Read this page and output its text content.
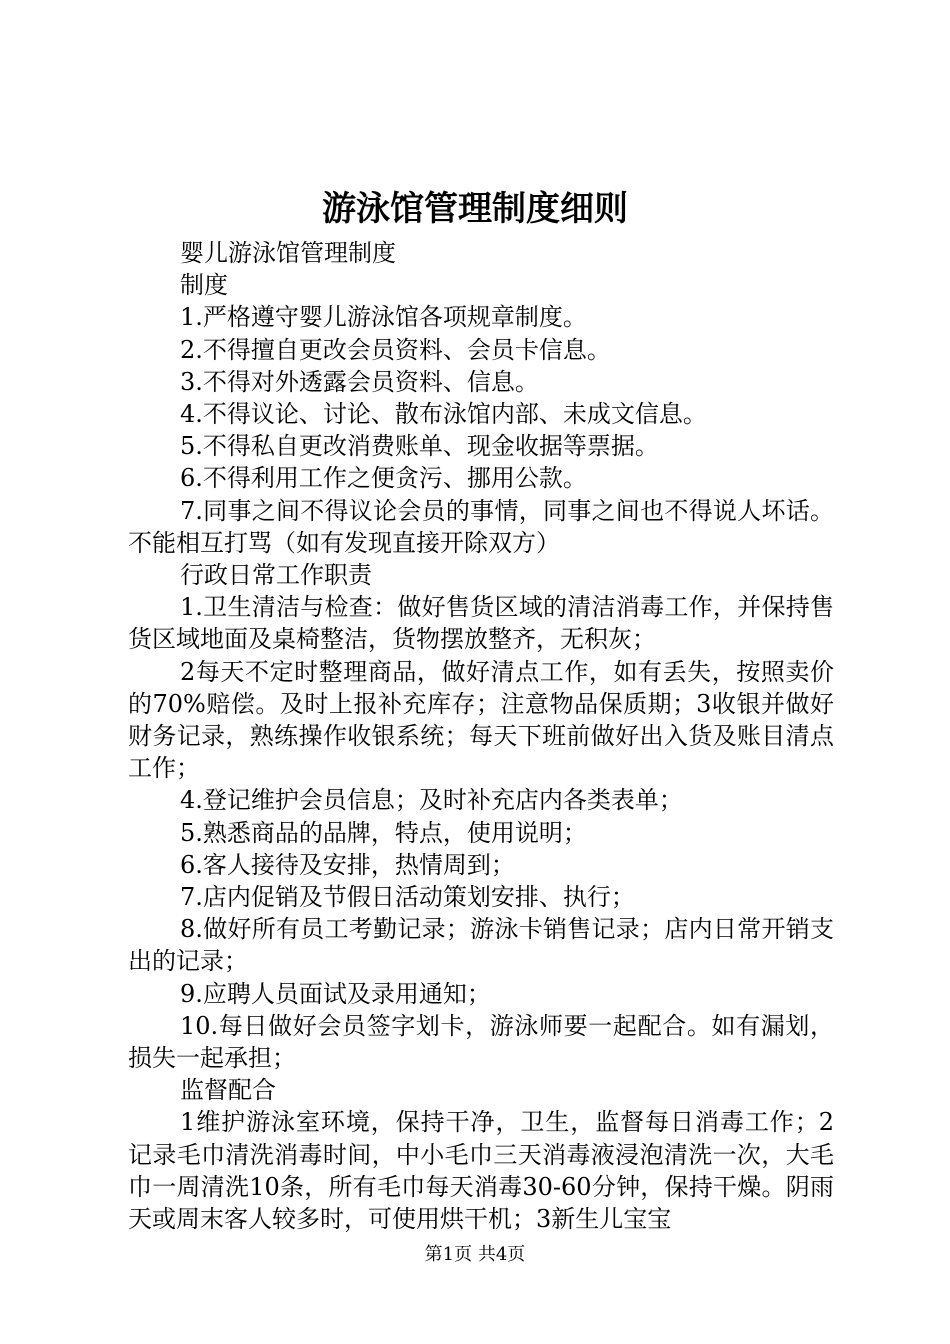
游泳馆管理制度细则

婴儿游泳馆管理制度

制度

1.严格遵守婴儿游泳馆各项规章制度。

2.不得擅自更改会员资料、会员卡信息。

3.不得对外透露会员资料、信息。

4.不得议论、讨论、散布泳馆内部、未成文信息。

5.不得私自更改消费账单、现金收据等票据。

6.不得利用工作之便贪污、挪用公款。

7.同事之间不得议论会员的事情，同事之间也不得说人坏话。不能相互打骂（如有发现直接开除双方）

行政日常工作职责

1.卫生清洁与检查：做好售货区域的清洁消毒工作，并保持售货区域地面及桌椅整洁，货物摆放整齐，无积灰；

2每天不定时整理商品，做好清点工作，如有丢失，按照卖价的70%赔偿。及时上报补充库存；注意物品保质期；3收银并做好财务记录，熟练操作收银系统；每天下班前做好出入货及账目清点工作；

4.登记维护会员信息；及时补充店内各类表单；

5.熟悉商品的品牌，特点，使用说明；

6.客人接待及安排，热情周到；

7.店内促销及节假日活动策划安排、执行；

8.做好所有员工考勤记录；游泳卡销售记录；店内日常开销支出的记录；

9.应聘人员面试及录用通知；

10.每日做好会员签字划卡，游泳师要一起配合。如有漏划，损失一起承担；

监督配合

1维护游泳室环境，保持干净，卫生，监督每日消毒工作；2记录毛巾清洗消毒时间，中小毛巾三天消毒液浸泡清洗一次，大毛巾一周清洗10条，所有毛巾每天消毒30-60分钟，保持干燥。阴雨天或周末客人较多时，可使用烘干机；3新生儿宝宝

第1页 共4页
